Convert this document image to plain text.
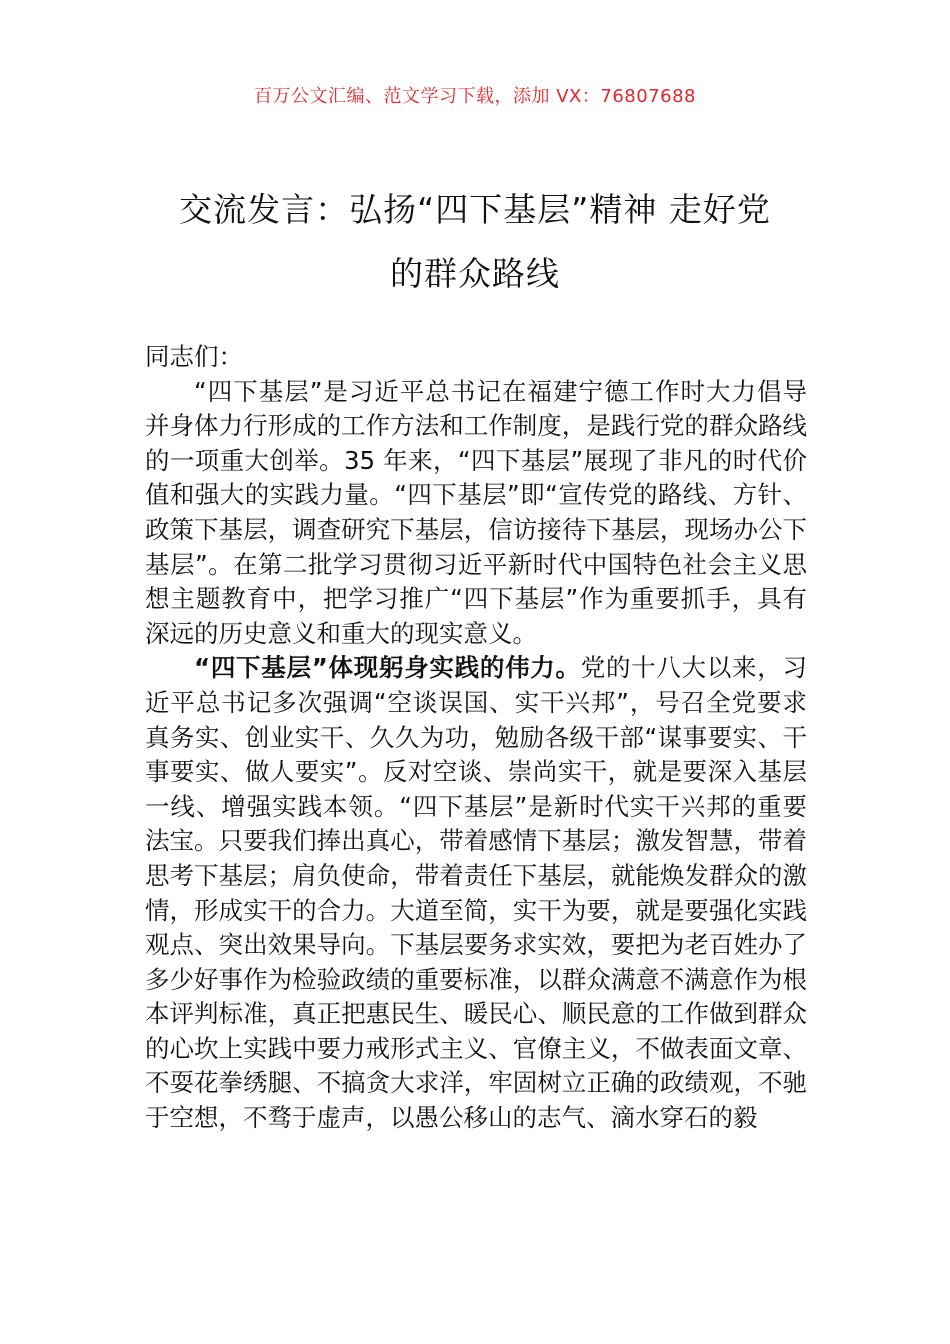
百万公文汇编、范文学习下载，添加 VX：76807688
交流发言：弘扬“四下基层”精神 走好党
的群众路线

同志们：

“四下基层”是习近平总书记在福建宁德工作时大力倡导并身体力行形成的工作方法和工作制度，是践行党的群众路线的一项重大创举。35 年来，“四下基层”展现了非凡的时代价值和强大的实践力量。“四下基层”即“宣传党的路线、方针、政策下基层，调查研究下基层，信访接待下基层，现场办公下基层”。在第二批学习贯彻习近平新时代中国特色社会主义思想主题教育中，把学习推广“四下基层”作为重要抓手，具有深远的历史意义和重大的现实意义。

“四下基层”体现躬身实践的伟力。党的十八大以来，习近平总书记多次强调“空谈误国、实干兴邦”，号召全党要求真务实、创业实干、久久为功，勉励各级干部“谋事要实、干事要实、做人要实”。反对空谈、崇尚实干，就是要深入基层一线、增强实践本领。“四下基层”是新时代实干兴邦的重要法宝。只要我们捧出真心，带着感情下基层；激发智慧，带着思考下基层；肩负使命，带着责任下基层，就能焕发群众的激情，形成实干的合力。大道至简，实干为要，就是要强化实践观点、突出效果导向。下基层要务求实效，要把为老百姓办了多少好事作为检验政绩的重要标准，以群众满意不满意作为根本评判标准，真正把惠民生、暖民心、顺民意的工作做到群众的心坎上实践中要力戒形式主义、官僚主义，不做表面文章、不耍花拳绣腿、不搞贪大求洋，牢固树立正确的政绩观，不驰于空想，不骛于虚声，以愚公移山的志气、滴水穿石的毅
